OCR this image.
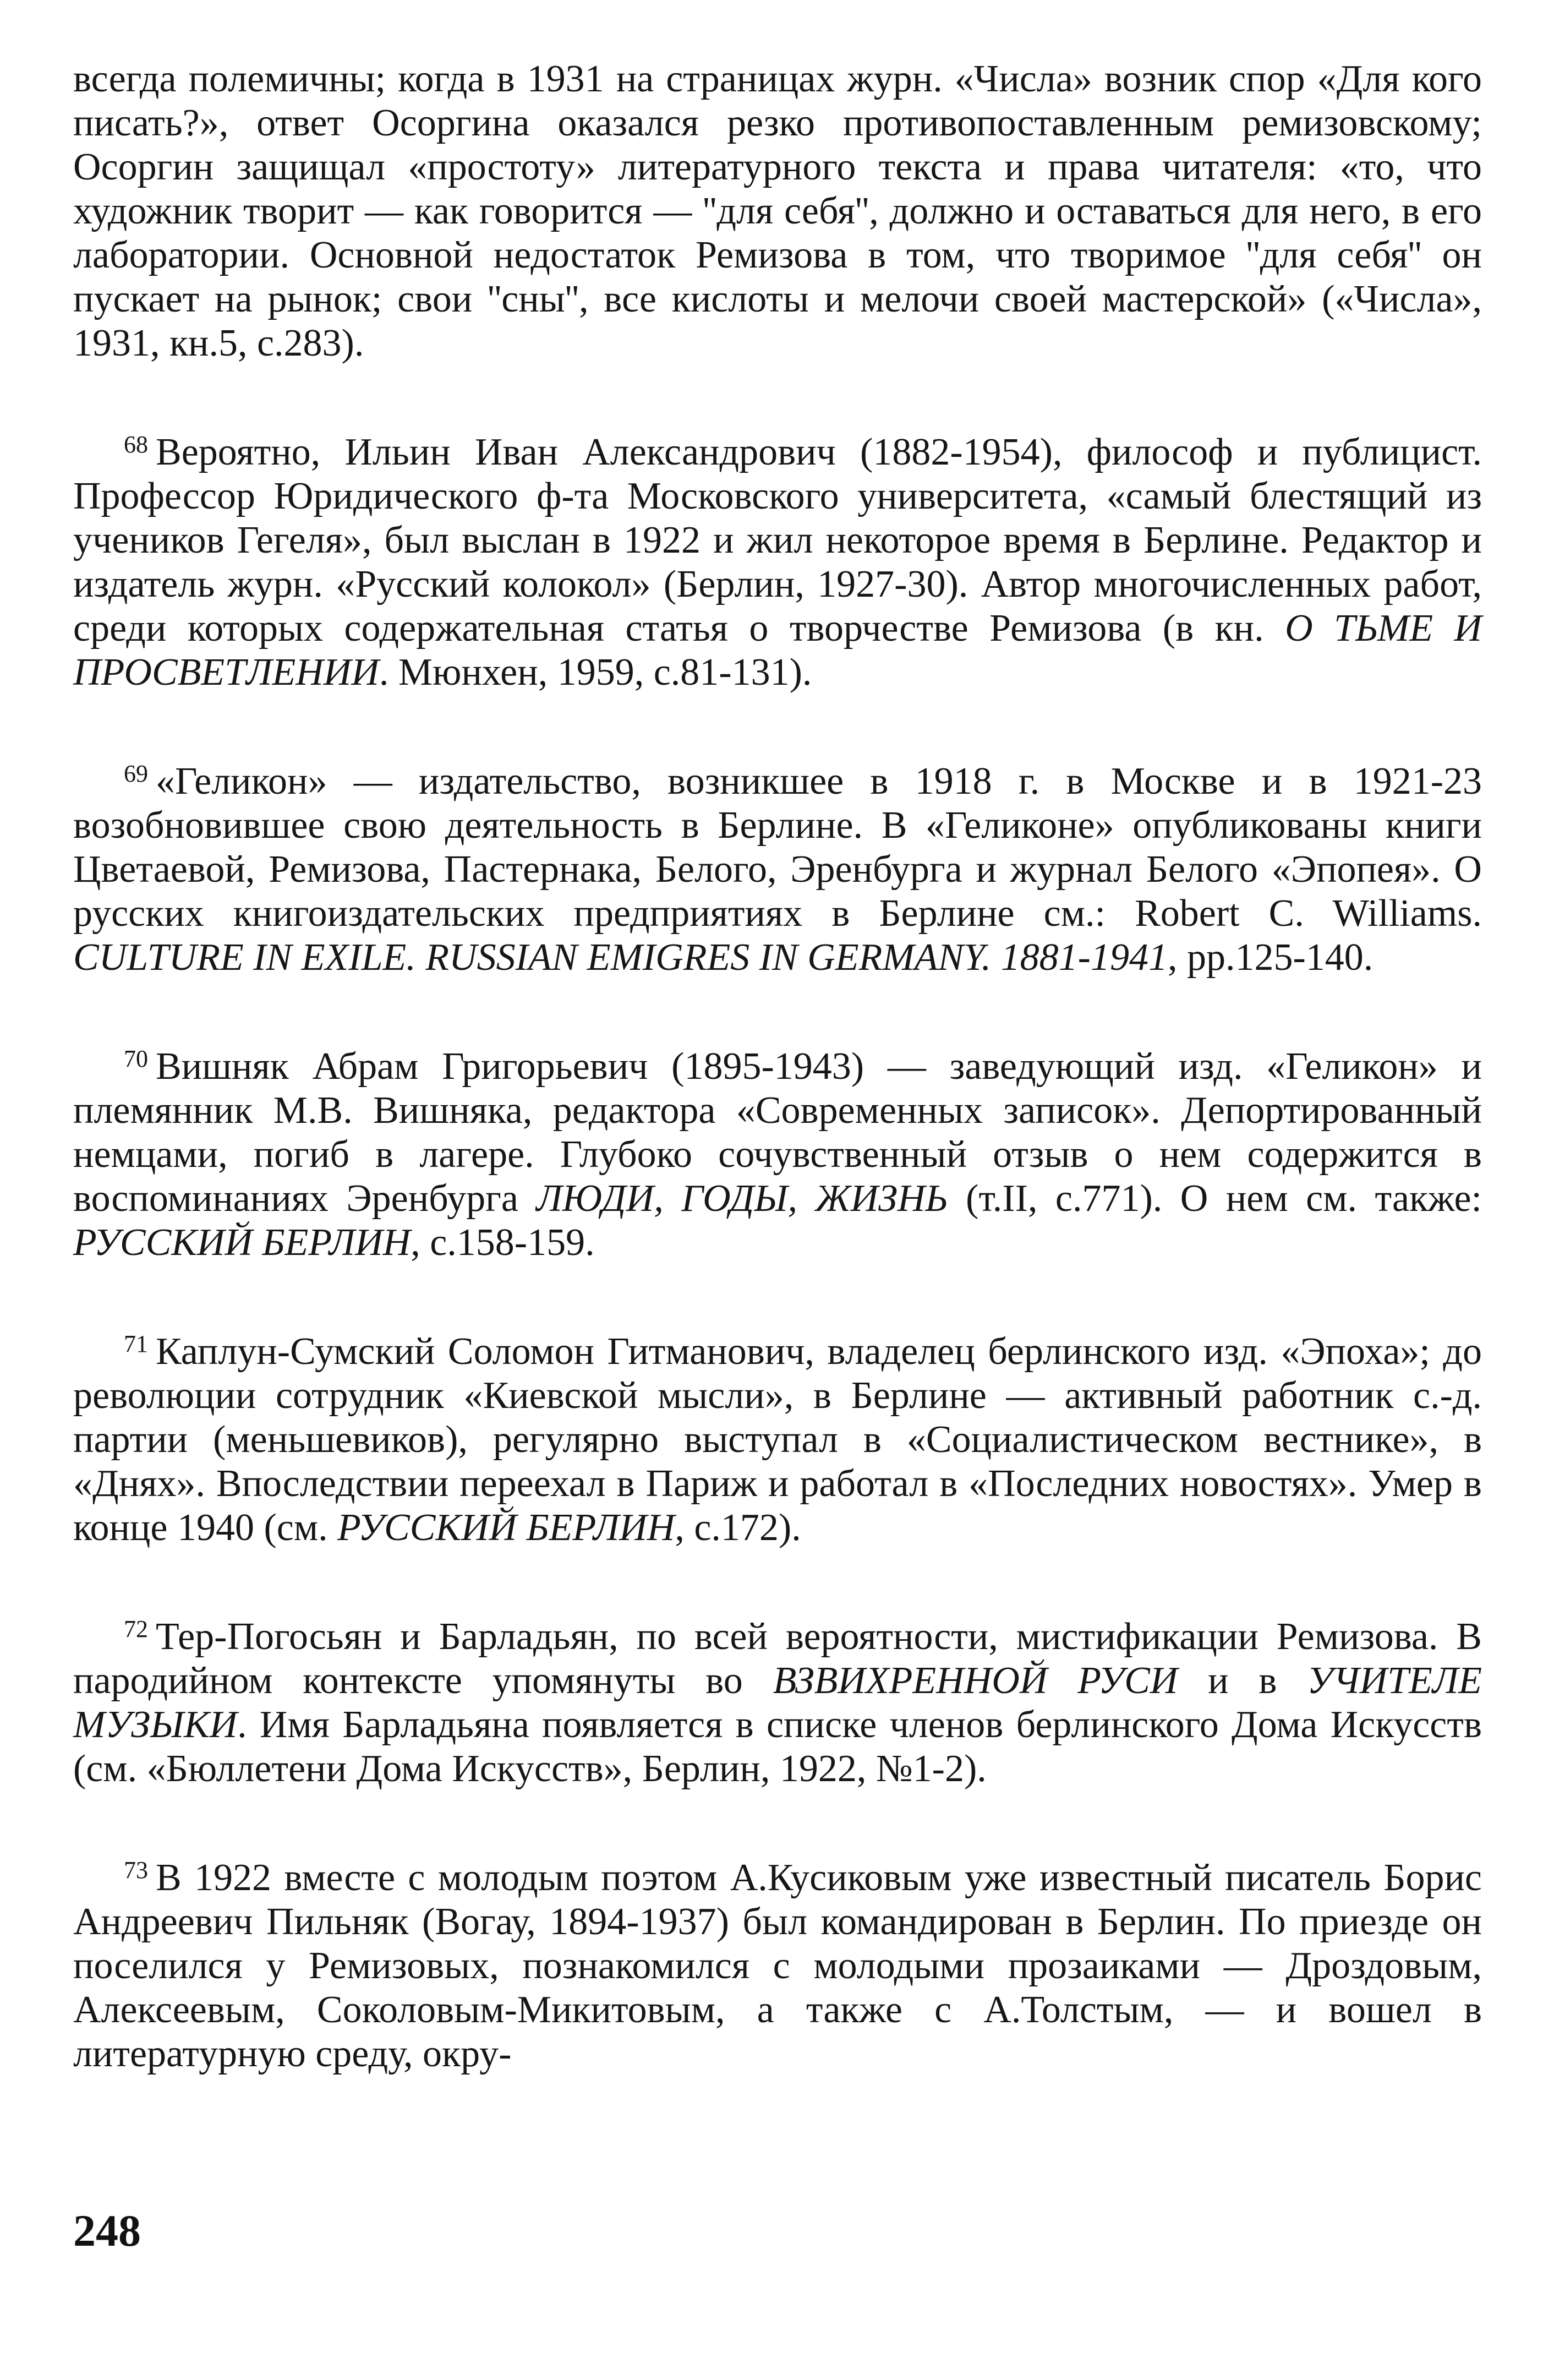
всегда полемичны; когда в 1931 на страницах журн. «Числа» возник спор «Для кого писать?», ответ Осоргина оказался резко противопоставленным ремизовскому; Осоргин защищал «простоту» литературного текста и права читателя: «то, что художник творит — как говорится — ''для себя'', должно и оставаться для него, в его лаборатории. Основной недостаток Ремизова в том, что творимое ''для себя'' он пускает на рынок; свои ''сны'', все кислоты и мелочи своей мастерской» («Числа», 1931, кн.5, с.283).

$^{68}$ Вероятно, Ильин Иван Александрович (1882-1954), философ и публицист. Профессор Юридического ф-та Московского университета, «самый блестящий из учеников Гегеля», был выслан в 1922 и жил некоторое время в Берлине. Редактор и издатель журн. «Русский колокол» (Берлин, 1927-30). Автор многочисленных работ, среди которых содержательная статья о творчестве Ремизова (в кн. О ТЬМЕ И ПРОСВЕТЛЕНИИ. Мюнхен, 1959, с.81-131).

$^{69}$ «Геликон» — издательство, возникшее в 1918 г. в Москве и в 1921-23 возобновившее свою деятельность в Берлине. В «Геликоне» опубликованы книги Цветаевой, Ремизова, Пастернака, Белого, Эренбурга и журнал Белого «Эпопея». О русских книгоиздательских предприятиях в Берлине см.: Robert C. Williams. CULTURE IN EXILE. RUSSIAN EMIGRES IN GERMANY. 1881-1941, pp.125-140.

$^{70}$ Вишняк Абрам Григорьевич (1895-1943) — заведующий изд. «Геликон» и племянник М.В. Вишняка, редактора «Современных записок». Депортированный немцами, погиб в лагере. Глубоко сочувственный отзыв о нем содержится в воспоминаниях Эренбурга ЛЮДИ, ГОДЫ, ЖИЗНЬ (т.II, с.771). О нем см. также: РУССКИЙ БЕРЛИН, с.158-159.

$^{71}$ Каплун-Сумский Соломон Гитманович, владелец берлинского изд. «Эпоха»; до революции сотрудник «Киевской мысли», в Берлине — активный работник с.-д. партии (меньшевиков), регулярно выступал в «Социалистическом вестнике», в «Днях». Впоследствии переехал в Париж и работал в «Последних новостях». Умер в конце 1940 (см. РУССКИЙ БЕРЛИН, с.172).

$^{72}$ Тер-Погосьян и Барладьян, по всей вероятности, мистификации Ремизова. В пародийном контексте упомянуты во ВЗВИХРЕННОЙ РУСИ и в УЧИТЕЛЕ МУЗЫКИ. Имя Барладьяна появляется в списке членов берлинского Дома Искусств (см. «Бюллетени Дома Искусств», Берлин, 1922, №1-2).

$^{73}$ В 1922 вместе с молодым поэтом А.Кусиковым уже известный писатель Борис Андреевич Пильняк (Bогау, 1894-1937) был командирован в Берлин. По приезде он поселился у Ремизовых, познакомился с молодыми прозаиками — Дроздовым, Алексеевым, Соколовым-Микитовым, а также с А.Толстым, — и вошел в литературную среду, окру-

248
